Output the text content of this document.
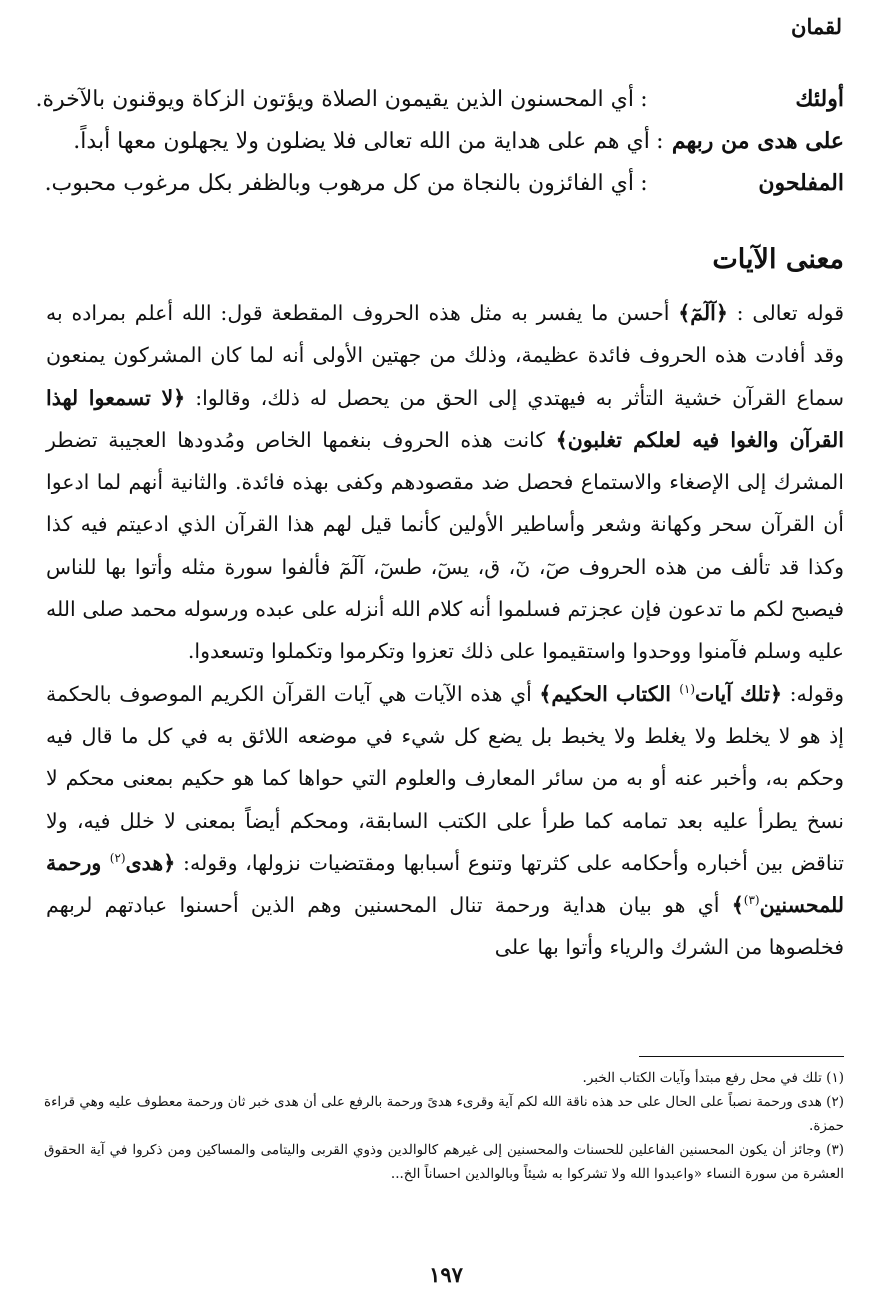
لقمان
أولئك
:
أي المحسنون الذين يقيمون الصلاة ويؤتون الزكاة ويوقنون بالآخرة.
على هدى من ربهم
:
أي هم على هداية من الله تعالى فلا يضلون ولا يجهلون معها أبداً.
المفلحون
:
أي الفائزون بالنجاة من كل مرهوب وبالظفر بكل مرغوب محبوب.
معنى الآيات

قوله تعالى : ﴿آلٓمٓ﴾ أحسن ما يفسر به مثل هذه الحروف المقطعة قول: الله أعلم بمراده به وقد أفادت هذه الحروف فائدة عظيمة، وذلك من جهتين الأولى أنه لما كان المشركون يمنعون سماع القرآن خشية التأثر به فيهتدي إلى الحق من يحصل له ذلك، وقالوا: ﴿لا تسمعوا لهذا القرآن والغوا فيه لعلكم تغلبون﴾ كانت هذه الحروف بنغمها الخاص ومُدودها العجيبة تضطر المشرك إلى الإصغاء والاستماع فحصل ضد مقصودهم وكفى بهذه فائدة. والثانية أنهم لما ادعوا أن القرآن سحر وكهانة وشعر وأساطير الأولين كأنما قيل لهم هذا القرآن الذي ادعيتم فيه كذا وكذا قد تألف من هذه الحروف صٓ، نٓ، ق، يسٓ، طسٓ، آلٓمٓ فألفوا سورة مثله وأتوا بها للناس فيصبح لكم ما تدعون فإن عجزتم فسلموا أنه كلام الله أنزله على عبده ورسوله محمد صلى الله عليه وسلم فآمنوا ووحدوا واستقيموا على ذلك تعزوا وتكرموا وتكملوا وتسعدوا.

وقوله: ﴿تلك آيات$^{(١)}$ الكتاب الحكيم﴾ أي هذه الآيات هي آيات القرآن الكريم الموصوف بالحكمة إذ هو لا يخلط ولا يغلط ولا يخبط بل يضع كل شيء في موضعه اللائق به في كل ما قال فيه وحكم به، وأخبر عنه أو به من سائر المعارف والعلوم التي حواها كما هو حكيم بمعنى محكم لا نسخ يطرأ عليه بعد تمامه كما طرأ على الكتب السابقة، ومحكم أيضاً بمعنى لا خلل فيه، ولا تناقض بين أخباره وأحكامه على كثرتها وتنوع أسبابها ومقتضيات نزولها، وقوله: ﴿هدى$^{(٢)}$ ورحمة للمحسنين$^{(٣)}$﴾ أي هو بيان هداية ورحمة تنال المحسنين وهم الذين أحسنوا عبادتهم لربهم فخلصوها من الشرك والرياء وأتوا بها على

(١) تلك في محل رفع مبتدأ وآيات الكتاب الخبر.

(٢) هدى ورحمة نصباً على الحال على حد هذه ناقة الله لكم آية وقرىء هدىً ورحمة بالرفع على أن هدى خبر ثان ورحمة معطوف عليه وهي قراءة حمزة.

(٣) وجائز أن يكون المحسنين الفاعلين للحسنات والمحسنين إلى غيرهم كالوالدين وذوي القربى واليتامى والمساكين ومن ذكروا في آية الحقوق العشرة من سورة النساء «واعبدوا الله ولا تشركوا به شيئاً وبالوالدين احساناً الخ...

١٩٧
